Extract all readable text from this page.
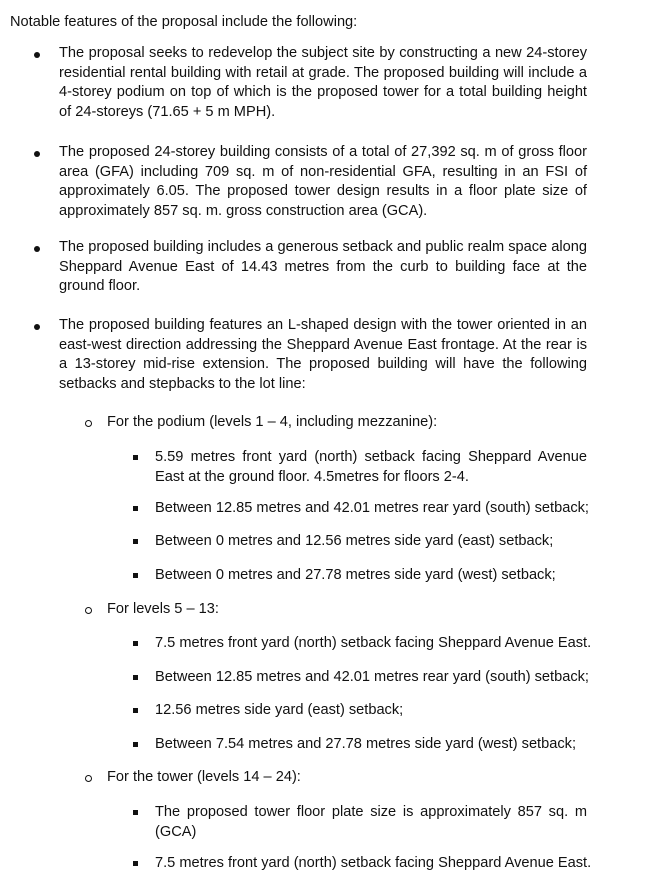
Notable features of the proposal include the following:

The proposal seeks to redevelop the subject site by constructing a new 24-storey residential rental building with retail at grade. The proposed building will include a 4-storey podium on top of which is the proposed tower for a total building height of 24-storeys (71.65 + 5 m MPH).

The proposed 24-storey building consists of a total of 27,392 sq. m of gross floor area (GFA) including 709 sq. m of non-residential GFA, resulting in an FSI of approximately 6.05. The proposed tower design results in a floor plate size of approximately 857 sq. m. gross construction area (GCA).

The proposed building includes a generous setback and public realm space along Sheppard Avenue East of 14.43 metres from the curb to building face at the ground floor.

The proposed building features an L-shaped design with the tower oriented in an east-west direction addressing the Sheppard Avenue East frontage. At the rear is a 13-storey mid-rise extension. The proposed building will have the following setbacks and stepbacks to the lot line:

For the podium (levels 1 – 4, including mezzanine):

5.59 metres front yard (north) setback facing Sheppard Avenue East at the ground floor. 4.5metres for floors 2-4.

Between 12.85 metres and 42.01 metres rear yard (south) setback;

Between 0 metres and 12.56 metres side yard (east) setback;

Between 0 metres and 27.78 metres side yard (west) setback;

For levels 5 – 13:

7.5 metres front yard (north) setback facing Sheppard Avenue East.

Between 12.85 metres and 42.01 metres rear yard (south) setback;

12.56 metres side yard (east) setback;

Between 7.54 metres and 27.78 metres side yard (west) setback;

For the tower (levels 14 – 24):

The proposed tower floor plate size is approximately 857 sq. m (GCA)

7.5 metres front yard (north) setback facing Sheppard Avenue East.
